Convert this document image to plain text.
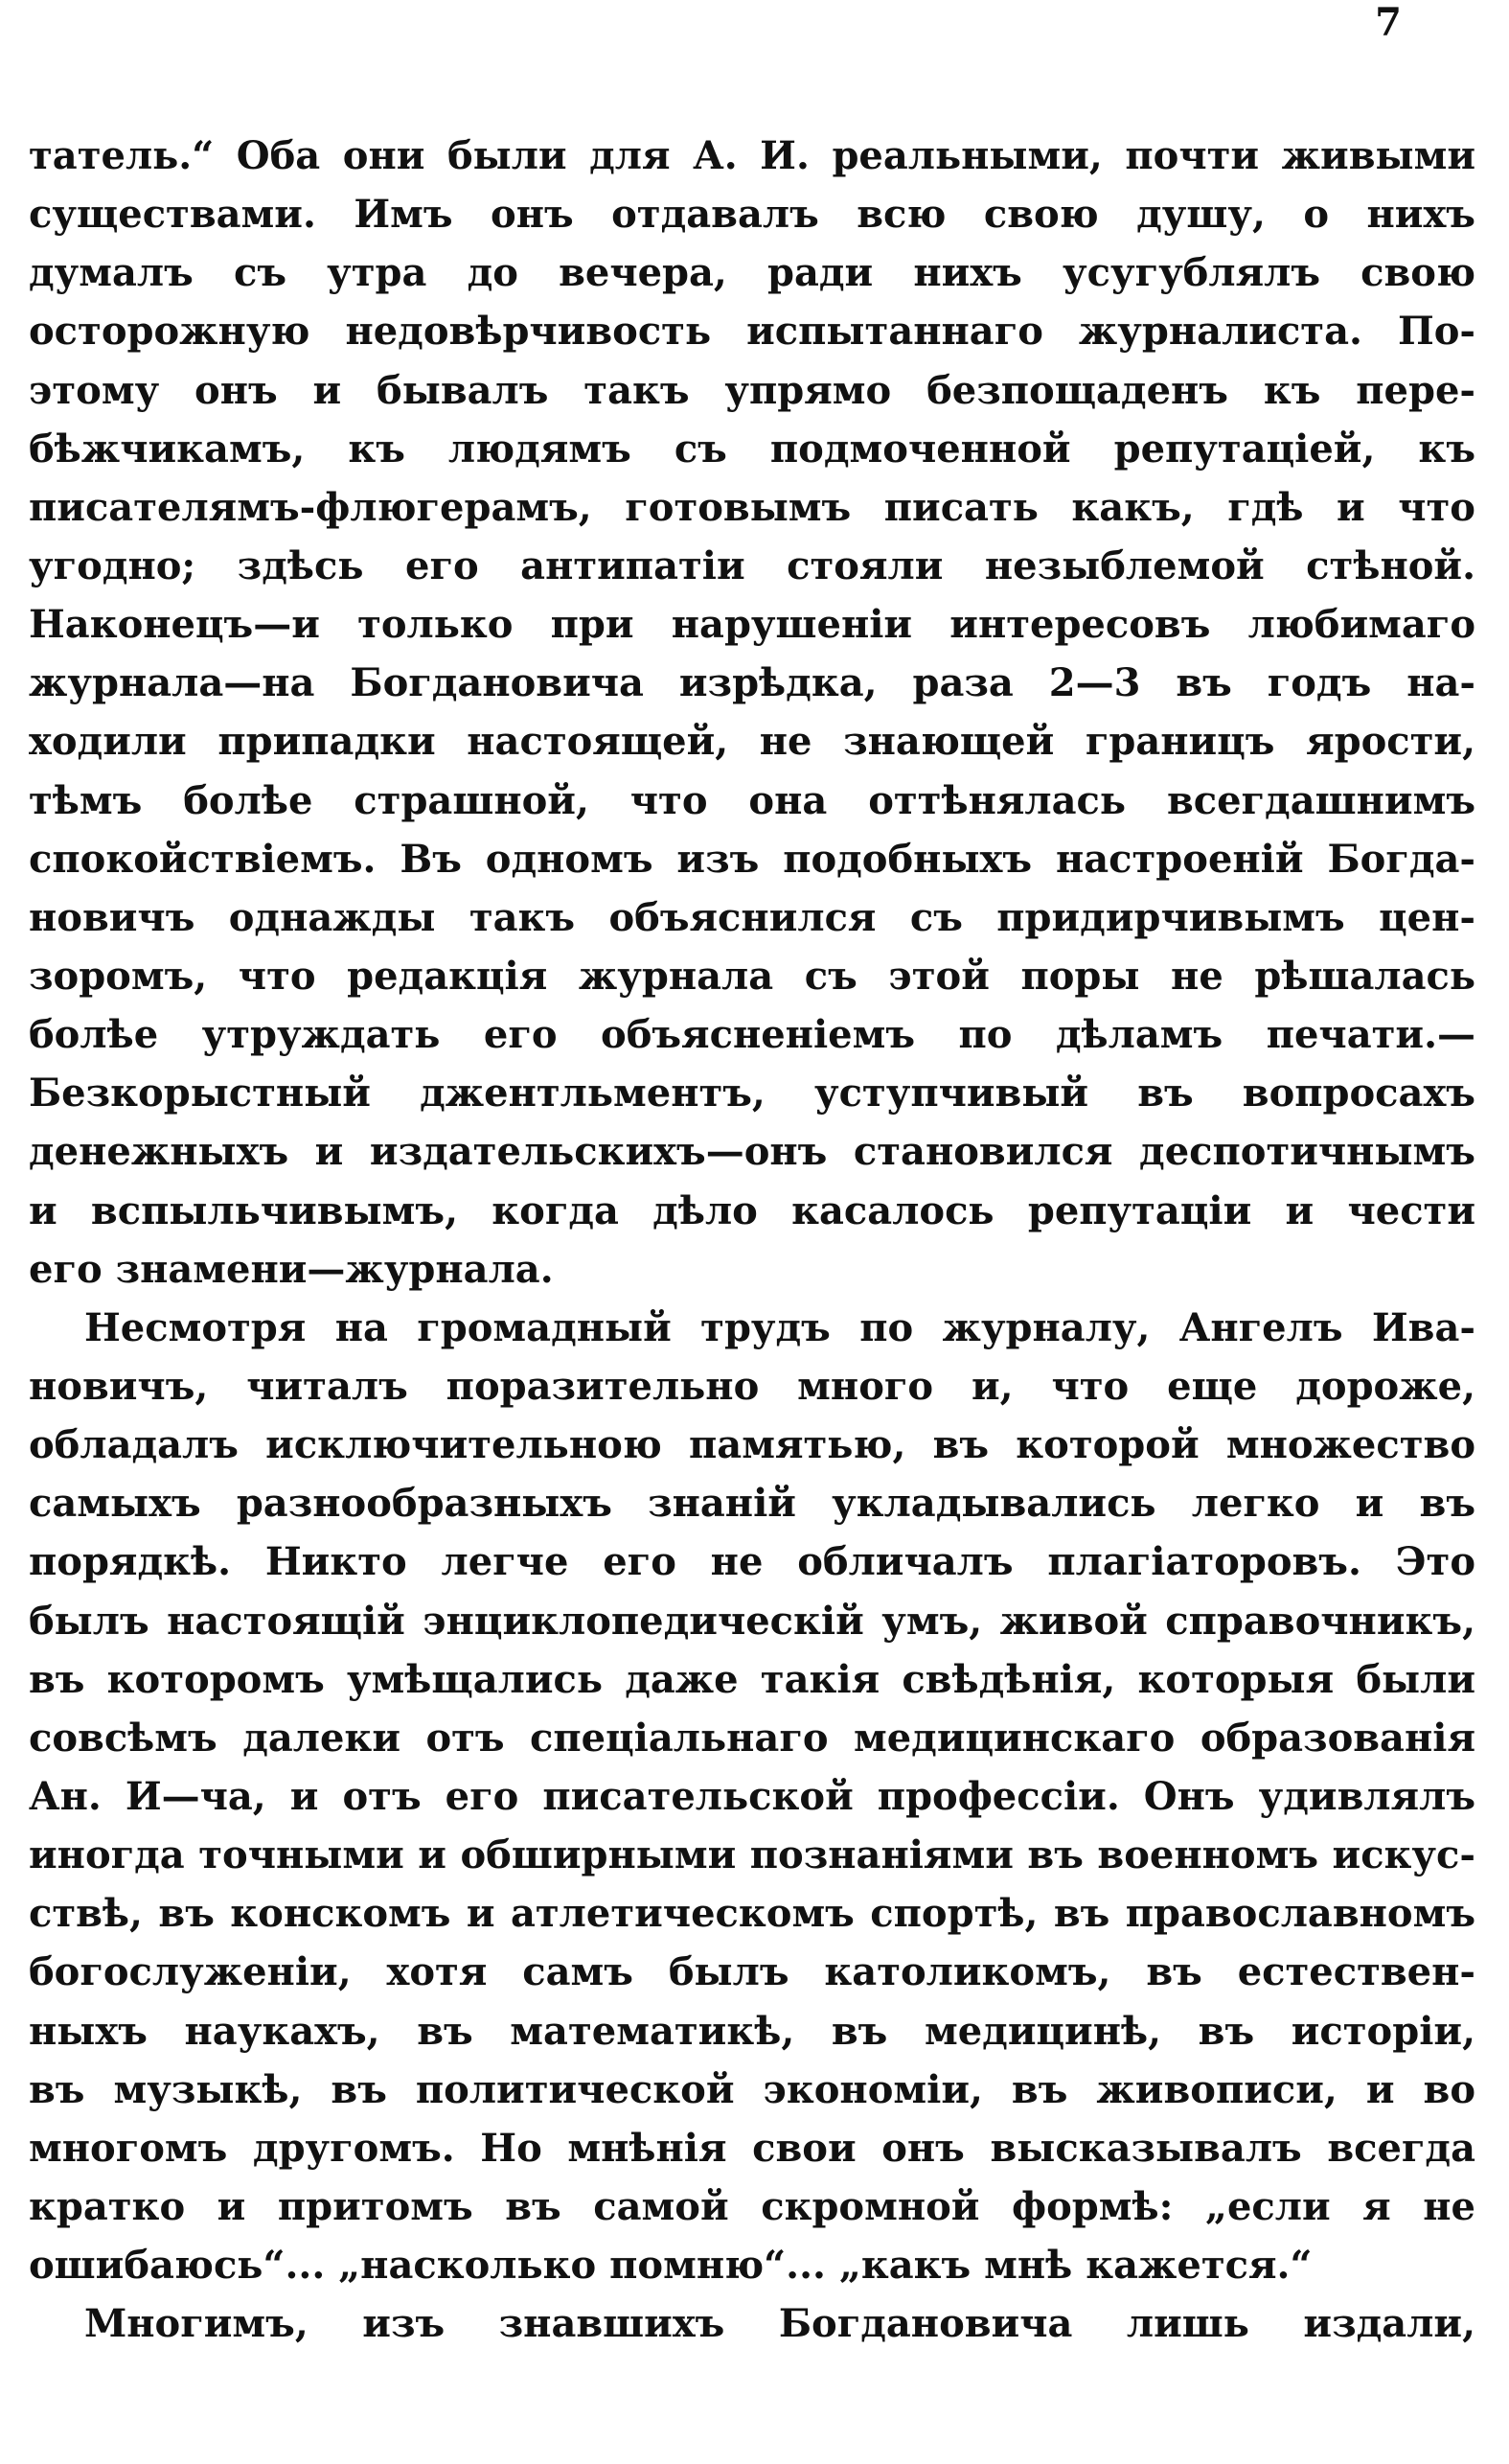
7
татель.“ Оба они были для А. И. реальными, почти живыми
существами. Имъ онъ отдавалъ всю свою душу, о нихъ
думалъ съ утра до вечера, ради нихъ усугублялъ свою
осторожную недовѣрчивость испытаннаго журналиста. По-
этому онъ и бывалъ такъ упрямо безпощаденъ къ пере-
бѣжчикамъ, къ людямъ съ подмоченной репутаціей, къ
писателямъ-флюгерамъ, готовымъ писать какъ, гдѣ и что
угодно; здѣсь его антипатіи стояли незыблемой стѣной.
Наконецъ—и только при нарушеніи интересовъ любимаго
журнала—на Богдановича изрѣдка, раза 2—3 въ годъ на-
ходили припадки настоящей, не знающей границъ ярости,
тѣмъ болѣе страшной, что она оттѣнялась всегдашнимъ
спокойствіемъ. Въ одномъ изъ подобныхъ настроеній Богда-
новичъ однажды такъ объяснился съ придирчивымъ цен-
зоромъ, что редакція журнала съ этой поры не рѣшалась
болѣе утруждать его объясненіемъ по дѣламъ печати.—
Безкорыстный джентльментъ, уступчивый въ вопросахъ
денежныхъ и издательскихъ—онъ становился деспотичнымъ
и вспыльчивымъ, когда дѣло касалось репутаціи и чести
его знамени—журнала.
Несмотря на громадный трудъ по журналу, Ангелъ Ива-
новичъ, читалъ поразительно много и, что еще дороже,
обладалъ исключительною памятью, въ которой множество
самыхъ разнообразныхъ знаній укладывались легко и въ
порядкѣ. Никто легче его не обличалъ плагіаторовъ. Это
былъ настоящій энциклопедическій умъ, живой справочникъ,
въ которомъ умѣщались даже такія свѣдѣнія, которыя были
совсѣмъ далеки отъ спеціальнаго медицинскаго образованія
Ан. И—ча, и отъ его писательской профессіи. Онъ удивлялъ
иногда точными и обширными познаніями въ военномъ искус-
ствѣ, въ конскомъ и атлетическомъ спортѣ, въ православномъ
богослуженіи, хотя самъ былъ католикомъ, въ естествен-
ныхъ наукахъ, въ математикѣ, въ медицинѣ, въ исторіи,
въ музыкѣ, въ политической экономіи, въ живописи, и во
многомъ другомъ. Но мнѣнія свои онъ высказывалъ всегда
кратко и притомъ въ самой скромной формѣ: „если я не
ошибаюсь“... „насколько помню“... „какъ мнѣ кажется.“
Многимъ, изъ знавшихъ Богдановича лишь издали,
